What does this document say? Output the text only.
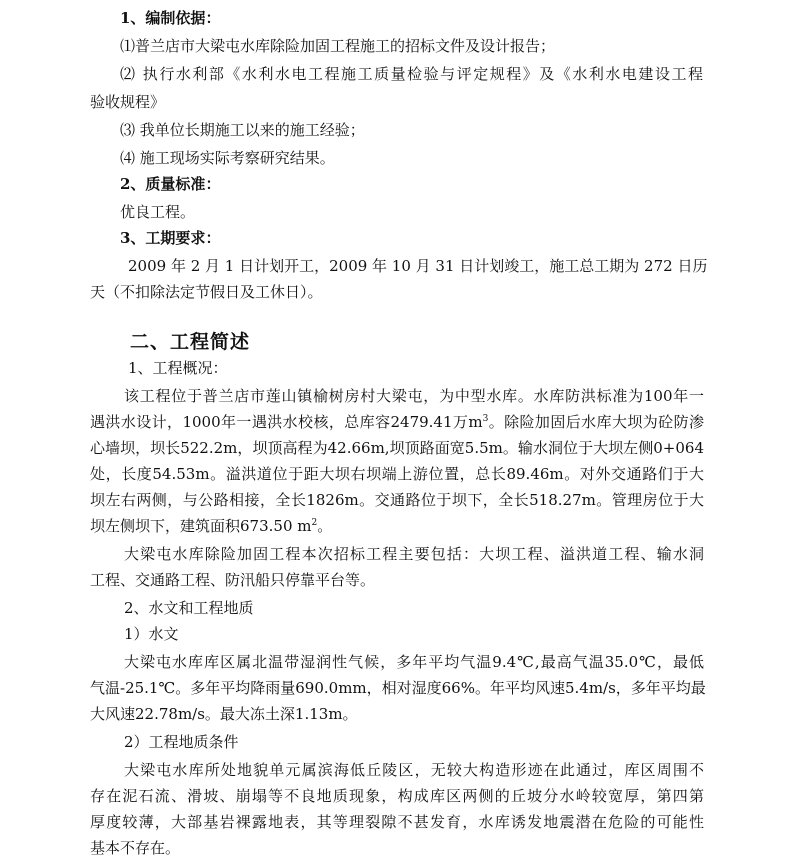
1、编制依据：
⑴普兰店市大梁屯水库除险加固工程施工的招标文件及设计报告；
⑵ 执行水利部《水利水电工程施工质量检验与评定规程》及《水利水电建设工程
验收规程》
⑶ 我单位长期施工以来的施工经验；
⑷ 施工现场实际考察研究结果。
2、质量标准：
优良工程。
3、工期要求：
2009 年 2 月 1 日计划开工，2009 年 10 月 31 日计划竣工，施工总工期为 272 日历
天（不扣除法定节假日及工休日）。
二、工程简述
1、工程概况：
该工程位于普兰店市莲山镇榆树房村大梁屯，为中型水库。水库防洪标准为100年一
遇洪水设计，1000年一遇洪水校核，总库容2479.41万$m^3$。除险加固后水库大坝为砼防渗
心墙坝，坝长522.2m，坝顶高程为42.66m,坝顶路面宽5.5m。输水洞位于大坝左侧0+064
处，长度54.53m。溢洪道位于距大坝右坝端上游位置，总长89.46m。对外交通路们于大
坝左右两侧，与公路相接，全长1826m。交通路位于坝下，全长518.27m。管理房位于大
坝左侧坝下，建筑面积673.50 $m^2$。
大梁屯水库除险加固工程本次招标工程主要包括：大坝工程、溢洪道工程、输水洞
工程、交通路工程、防汛船只停靠平台等。
2、水文和工程地质
1）水文
大梁屯水库库区属北温带湿润性气候，多年平均气温9.4℃,最高气温35.0℃，最低
气温-25.1℃。多年平均降雨量690.0mm，相对湿度66%。年平均风速5.4m/s，多年平均最
大风速22.78m/s。最大冻土深1.13m。
2）工程地质条件
大梁屯水库所处地貌单元属滨海低丘陵区，无较大构造形迹在此通过，库区周围不
存在泥石流、滑坡、崩塌等不良地质现象，构成库区两侧的丘坡分水岭较宽厚，第四第
厚度较薄，大部基岩裸露地表，其等理裂隙不甚发育，水库诱发地震潜在危险的可能性
基本不存在。
